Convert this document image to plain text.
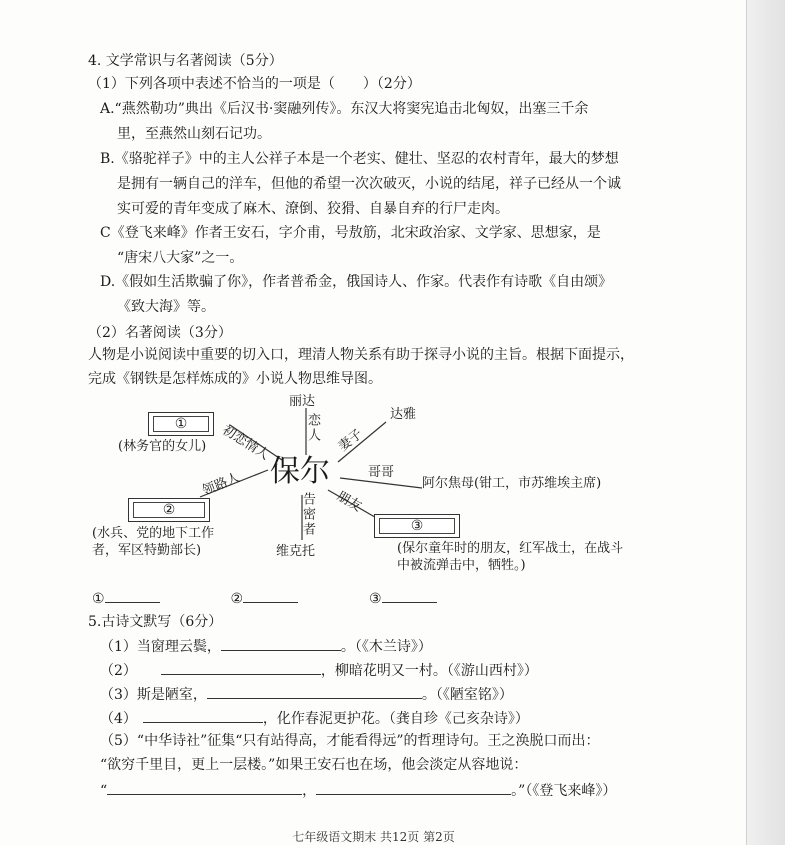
4. 文学常识与名著阅读（5分）
（1）下列各项中表述不恰当的一项是（　　）（2分）
A.“燕然勒功”典出《后汉书·窦融列传》。东汉大将窦宪追击北匈奴，出塞三千余
里，至燕然山刻石记功。
B.《骆驼祥子》中的主人公祥子本是一个老实、健壮、坚忍的农村青年，最大的梦想
是拥有一辆自己的洋车，但他的希望一次次破灭，小说的结尾，祥子已经从一个诚
实可爱的青年变成了麻木、潦倒、狡猾、自暴自弃的行尸走肉。
C《登飞来峰》作者王安石，字介甫，号敖筋，北宋政治家、文学家、思想家，是
“唐宋八大家”之一。
D.《假如生活欺骗了你》，作者普希金，俄国诗人、作家。代表作有诗歌《自由颂》
《致大海》等。
（2）名著阅读（3分）
人物是小说阅读中重要的切入口，理清人物关系有助于探寻小说的主旨。根据下面提示，
完成《钢铁是怎样炼成的》小说人物思维导图。
保尔
丽达
恋人	达雅
妻子
①
(林务官的女儿) 初恋情人
②
(水兵、党的地下工作
者，军区特勤部长)
领路人	哥哥
阿尔焦母(钳工，市苏维埃主席)
朋友
③
(保尔童年时的朋友，红军战士，在战斗
中被流弹击中，牺牲。)
告密者
维克托
①	②	③
5.古诗文默写（6分）
（1）当窗理云鬓，	。（《木兰诗》）
（2）	，柳暗花明又一村。（《游山西村》）
（3）斯是陋室，	。（《陋室铭》）
（4）	，化作春泥更护花。（龚自珍《己亥杂诗》）
（5）“中华诗社”征集“只有站得高，才能看得远”的哲理诗句。王之涣脱口而出：
“欲穷千里目，更上一层楼。”如果王安石也在场，他会淡定从容地说：
“	，	。”（《登飞来峰》）
七年级语文期末 共12页 第2页
